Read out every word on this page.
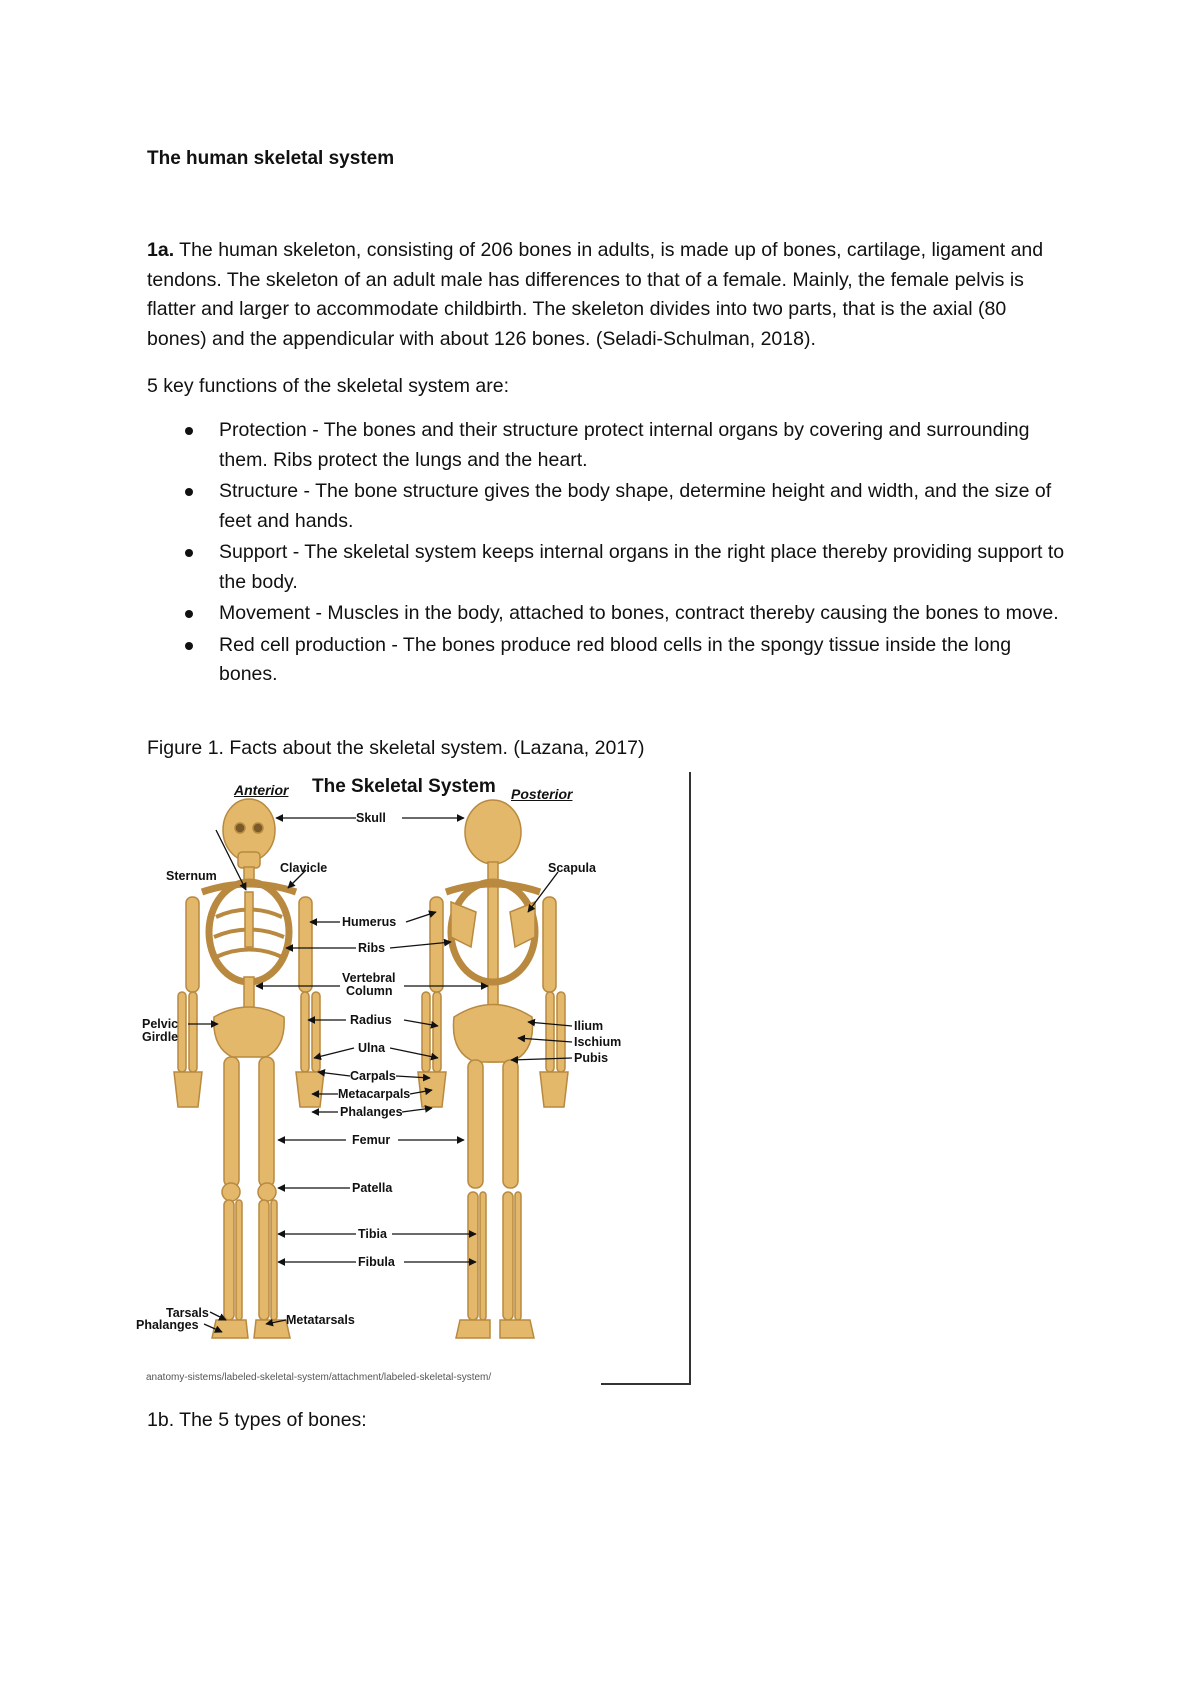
The human skeletal system
1a. The human skeleton, consisting of 206 bones in adults, is made up of bones, cartilage, ligament and tendons. The skeleton of an adult male has differences to that of a female. Mainly, the female pelvis is flatter and larger to accommodate childbirth. The skeleton divides into two parts, that is the axial (80 bones) and the appendicular with about 126 bones. (Seladi-Schulman, 2018).
5 key functions of the skeletal system are:
Protection - The bones and their structure protect internal organs by covering and surrounding them. Ribs protect the lungs and the heart.
Structure - The bone structure gives the body shape, determine height and width, and the size of feet and hands.
Support - The skeletal system keeps internal organs in the right place thereby providing support to the body.
Movement - Muscles in the body, attached to bones, contract thereby causing the bones to move.
Red cell production - The bones produce red blood cells in the spongy tissue inside the long bones.
Figure 1. Facts about the skeletal system. (Lazana, 2017)
Anterior The Skeletal System Posterior
Skull
Sternum
Clavicle	Scapula
Humerus
Ribs
Vertebral
Column
Radius
Pelvic
Girdle
Ulna
Ilium
Ischium
Pubis
Carpals
Metacarpals
Phalanges
Femur
Patella
Tibia
Fibula
Tarsals
Phalanges	Metatarsals
anatomy-sistems/labeled-skeletal-system/attachment/labeled-skeletal-system/
1b. The 5 types of bones:
